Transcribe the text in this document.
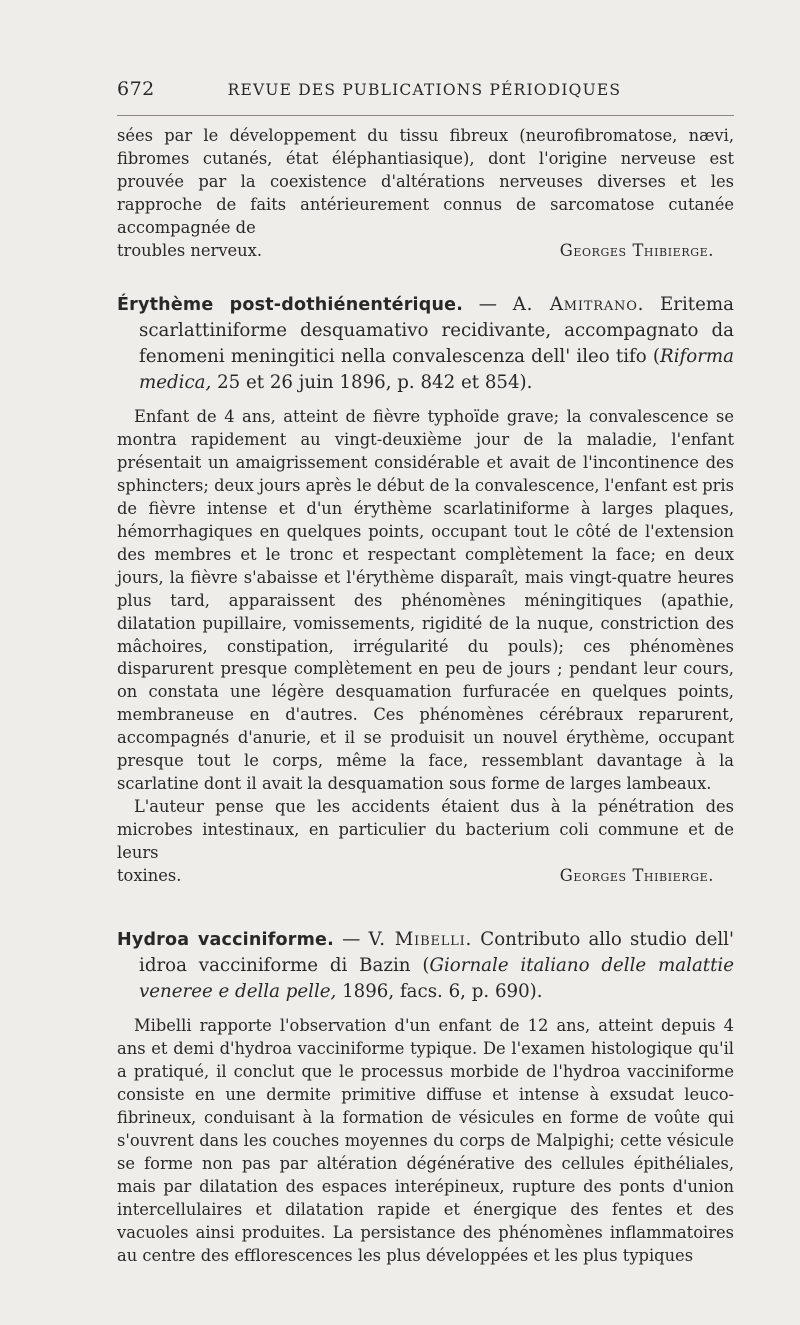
672	REVUE DES PUBLICATIONS PÉRIODIQUES

sées par le développement du tissu fibreux (neurofibromatose, nævi, fibromes cutanés, état éléphantiasique), dont l'origine nerveuse est prouvée par la coexistence d'altérations nerveuses diverses et les rapproche de faits antérieurement connus de sarcomatose cutanée accompagnée de

troubles nerveux.	Georges Thibierge.

Érythème post-dothiénentérique. — A. Amitrano. Eritema scarlattiniforme desquamativo recidivante, accompagnato da fenomeni meningitici nella convalescenza dell' ileo tifo (Riforma medica, 25 et 26 juin 1896, p. 842 et 854).

Enfant de 4 ans, atteint de fièvre typhoïde grave; la convalescence se montra rapidement au vingt-deuxième jour de la maladie, l'enfant présentait un amaigrissement considérable et avait de l'incontinence des sphincters; deux jours après le début de la convalescence, l'enfant est pris de fièvre intense et d'un érythème scarlatiniforme à larges plaques, hémorrhagiques en quelques points, occupant tout le côté de l'extension des membres et le tronc et respectant complètement la face; en deux jours, la fièvre s'abaisse et l'érythème disparaît, mais vingt-quatre heures plus tard, apparaissent des phénomènes méningitiques (apathie, dilatation pupillaire, vomissements, rigidité de la nuque, constriction des mâchoires, constipation, irrégularité du pouls); ces phénomènes disparurent presque complètement en peu de jours ; pendant leur cours, on constata une légère desquamation furfuracée en quelques points, membraneuse en d'autres. Ces phénomènes cérébraux reparurent, accompagnés d'anurie, et il se produisit un nouvel érythème, occupant presque tout le corps, même la face, ressemblant davantage à la scarlatine dont il avait la desquamation sous forme de larges lambeaux.

L'auteur pense que les accidents étaient dus à la pénétration des microbes intestinaux, en particulier du bacterium coli commune et de leurs

toxines.	Georges Thibierge.

Hydroa vacciniforme. — V. Mibelli. Contributo allo studio dell' idroa vacciniforme di Bazin (Giornale italiano delle malattie veneree e della pelle, 1896, facs. 6, p. 690).

Mibelli rapporte l'observation d'un enfant de 12 ans, atteint depuis 4 ans et demi d'hydroa vacciniforme typique. De l'examen histologique qu'il a pratiqué, il conclut que le processus morbide de l'hydroa vacciniforme consiste en une dermite primitive diffuse et intense à exsudat leuco-fibrineux, conduisant à la formation de vésicules en forme de voûte qui s'ouvrent dans les couches moyennes du corps de Malpighi; cette vésicule se forme non pas par altération dégénérative des cellules épithéliales, mais par dilatation des espaces interépineux, rupture des ponts d'union intercellulaires et dilatation rapide et énergique des fentes et des vacuoles ainsi produites. La persistance des phénomènes inflammatoires au centre des efflorescences les plus développées et les plus typiques
